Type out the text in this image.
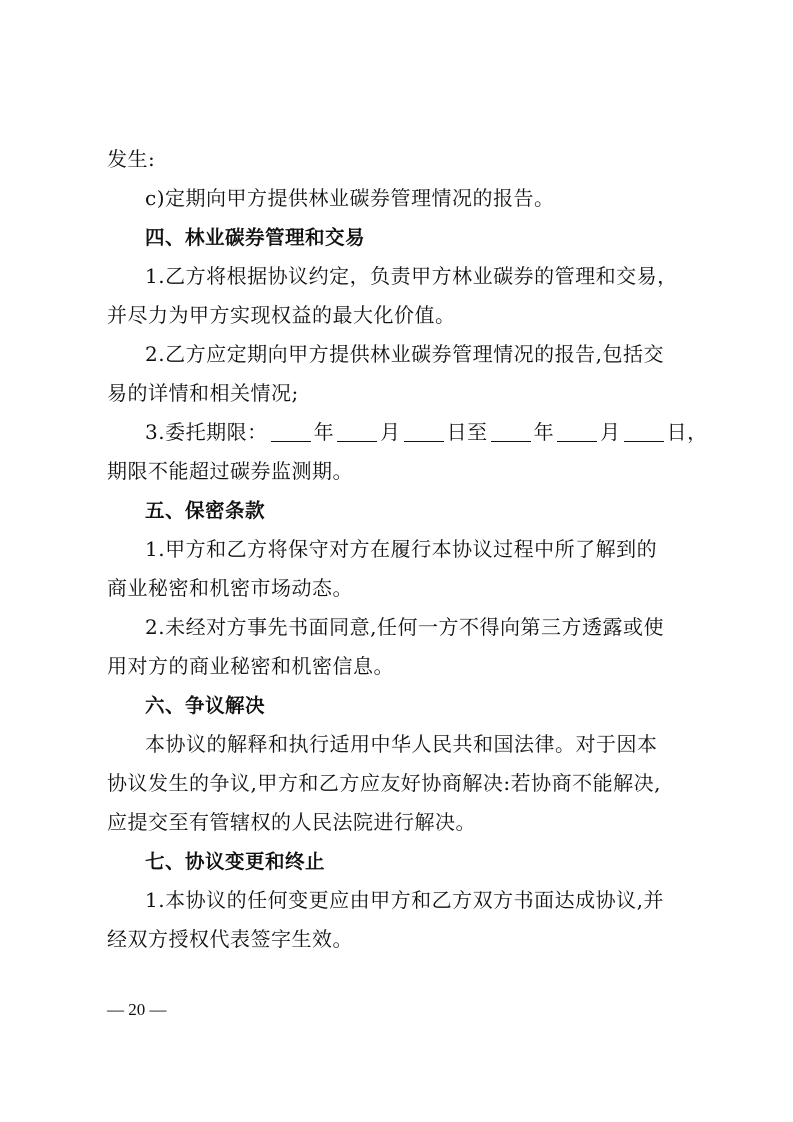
发生:
c)定期向甲方提供林业碳券管理情况的报告。
四、林业碳券管理和交易
1.乙方将根据协议约定，负责甲方林业碳券的管理和交易，
并尽力为甲方实现权益的最大化价值。
2.乙方应定期向甲方提供林业碳券管理情况的报告,包括交
易的详情和相关情况;
3.委托期限： 年 月 日至 年 月 日，
期限不能超过碳券监测期。
五、保密条款
1.甲方和乙方将保守对方在履行本协议过程中所了解到的
商业秘密和机密市场动态。
2.未经对方事先书面同意,任何一方不得向第三方透露或使
用对方的商业秘密和机密信息。
六、争议解决
本协议的解释和执行适用中华人民共和国法律。对于因本
协议发生的争议,甲方和乙方应友好协商解决:若协商不能解决,
应提交至有管辖权的人民法院进行解决。
七、协议变更和终止
1.本协议的任何变更应由甲方和乙方双方书面达成协议,并
经双方授权代表签字生效。
— 20 —
